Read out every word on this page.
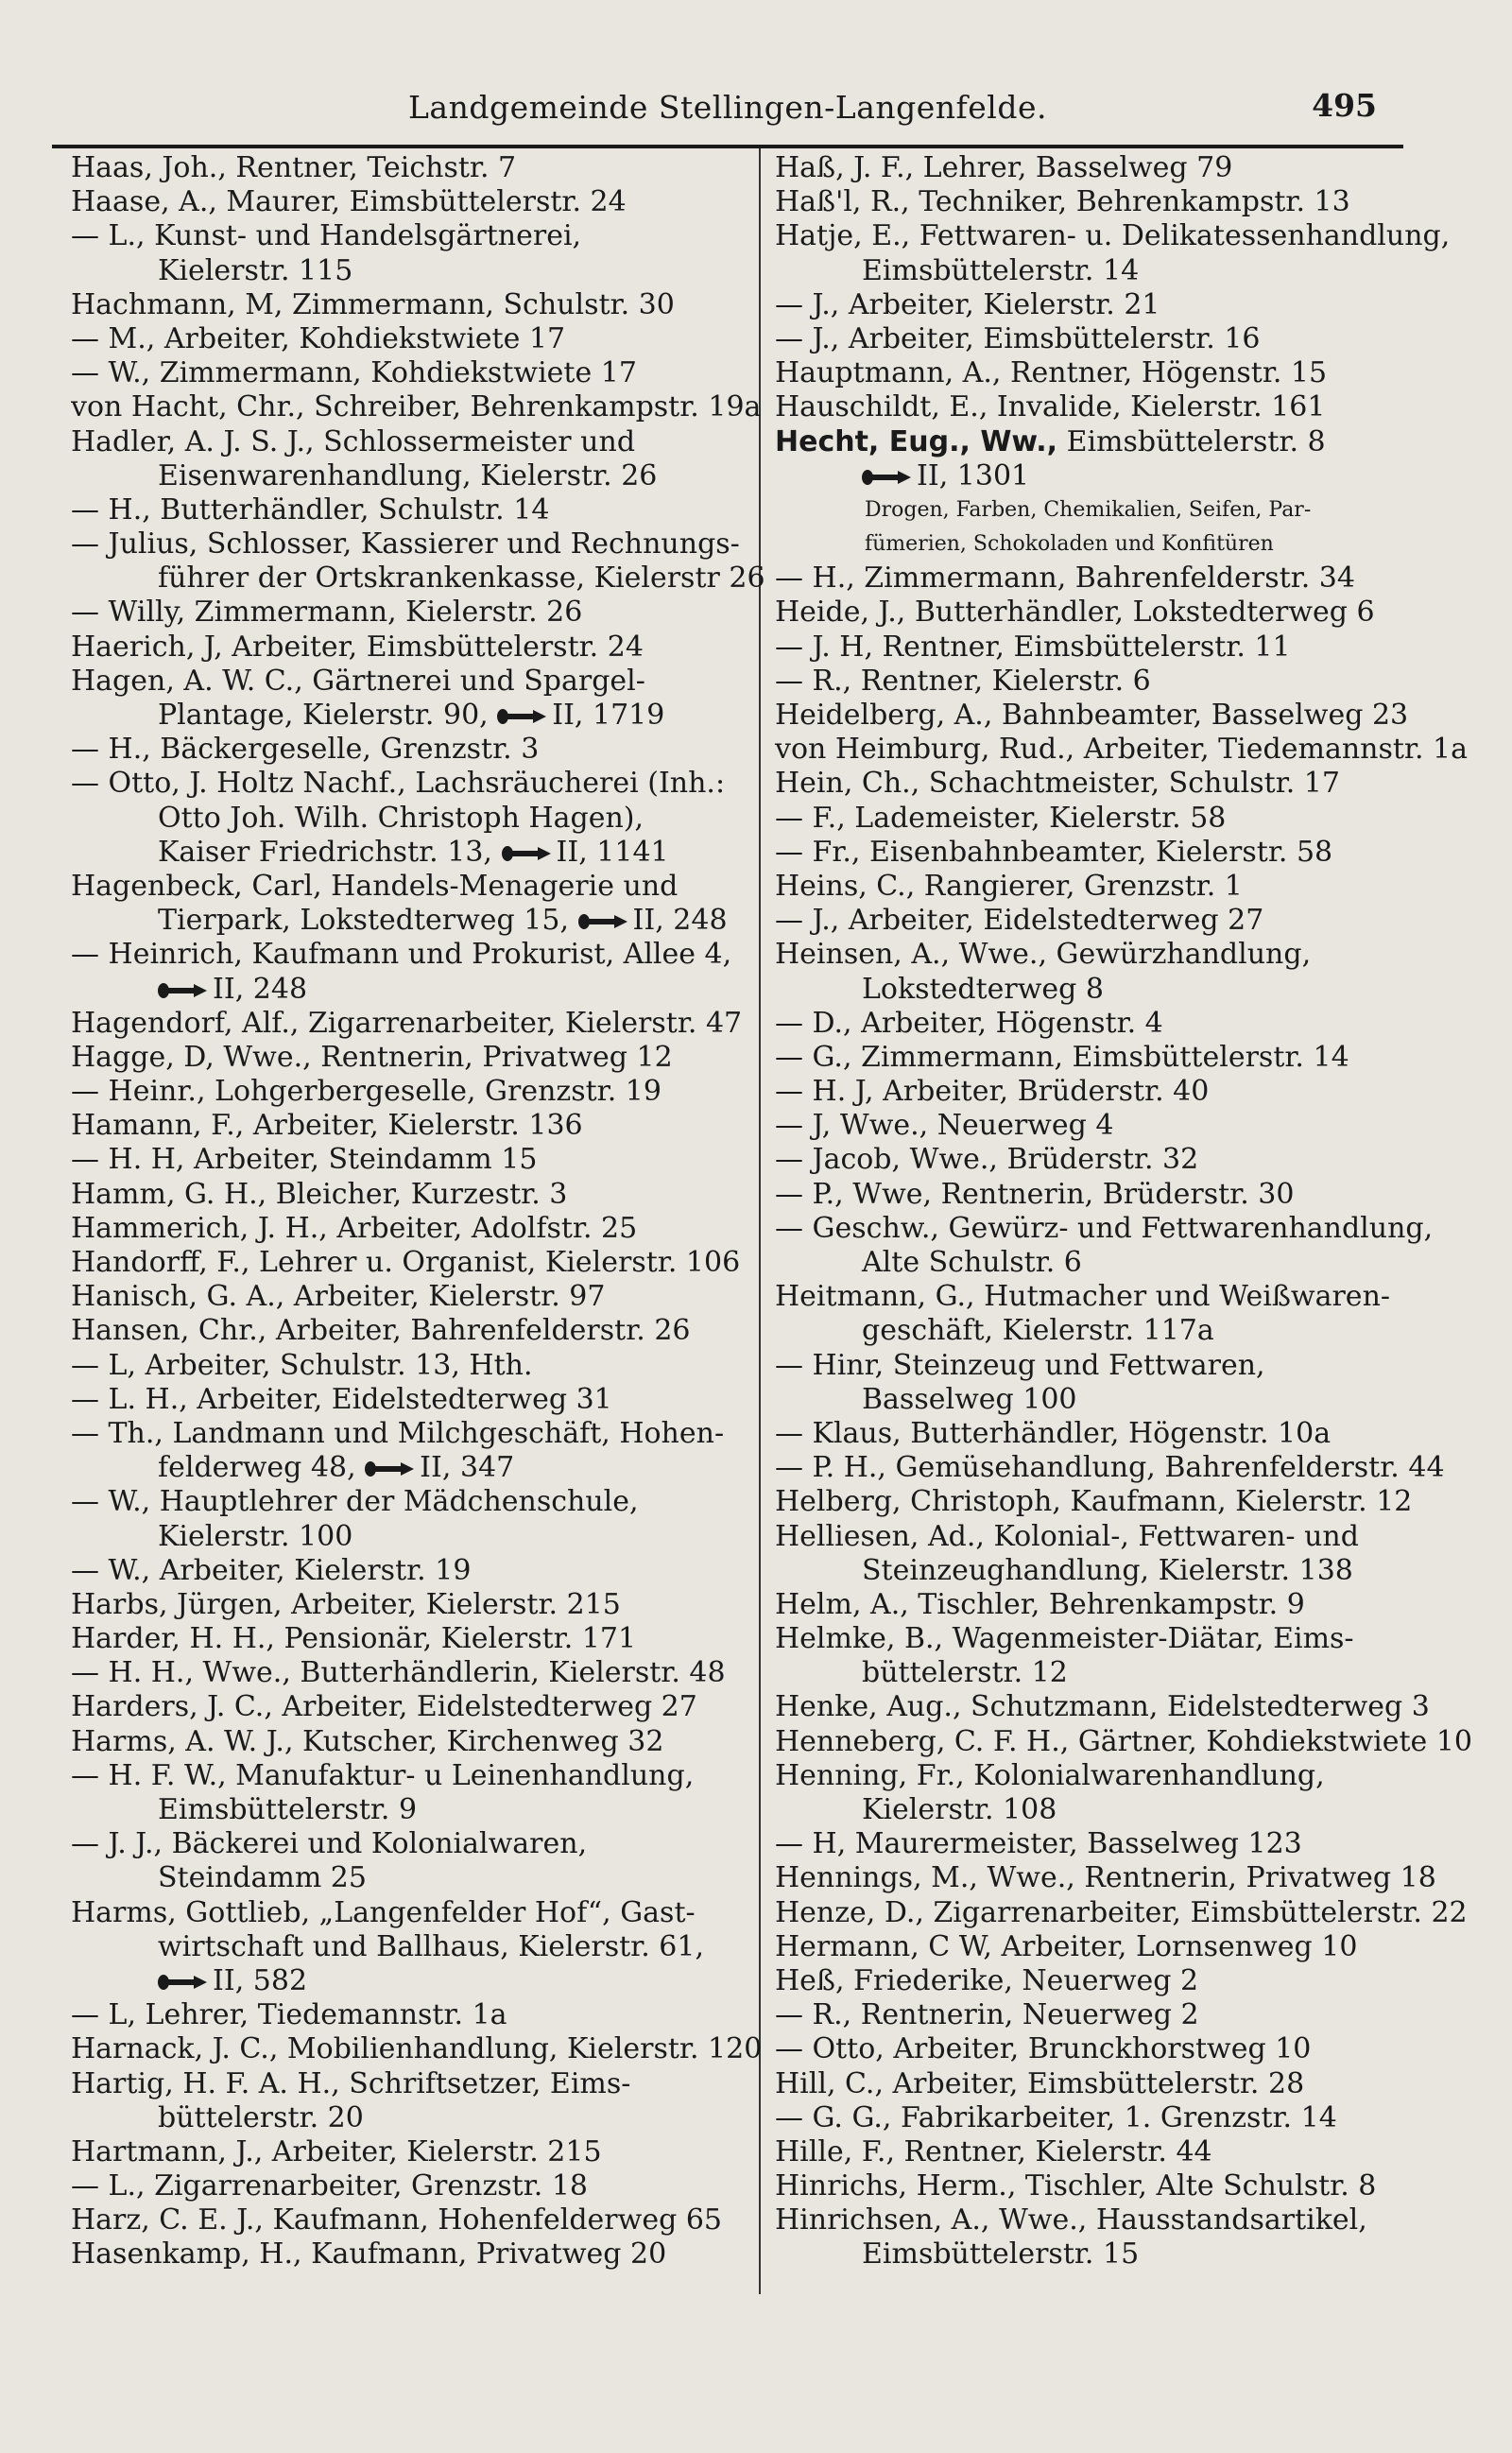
Landgemeinde Stellingen-Langenfelde.	495
Haas, Joh., Rentner, Teichstr. 7
Haase, A., Maurer, Eimsbüttelerstr. 24
— L., Kunst- und Handelsgärtnerei,
Kielerstr. 115
Hachmann, M, Zimmermann, Schulstr. 30
— M., Arbeiter, Kohdiekstwiete 17
— W., Zimmermann, Kohdiekstwiete 17
von Hacht, Chr., Schreiber, Behrenkampstr. 19a
Hadler, A. J. S. J., Schlossermeister und
Eisenwarenhandlung, Kielerstr. 26
— H., Butterhändler, Schulstr. 14
— Julius, Schlosser, Kassierer und Rechnungs-
führer der Ortskrankenkasse, Kielerstr 26
— Willy, Zimmermann, Kielerstr. 26
Haerich, J, Arbeiter, Eimsbüttelerstr. 24
Hagen, A. W. C., Gärtnerei und Spargel-
Plantage, Kielerstr. 90, II, 1719
— H., Bäckergeselle, Grenzstr. 3
— Otto, J. Holtz Nachf., Lachsräucherei (Inh.:
Otto Joh. Wilh. Christoph Hagen),
Kaiser Friedrichstr. 13, II, 1141
Hagenbeck, Carl, Handels-Menagerie und
Tierpark, Lokstedterweg 15, II, 248
— Heinrich, Kaufmann und Prokurist, Allee 4,
II, 248
Hagendorf, Alf., Zigarrenarbeiter, Kielerstr. 47
Hagge, D, Wwe., Rentnerin, Privatweg 12
— Heinr., Lohgerbergeselle, Grenzstr. 19
Hamann, F., Arbeiter, Kielerstr. 136
— H. H, Arbeiter, Steindamm 15
Hamm, G. H., Bleicher, Kurzestr. 3
Hammerich, J. H., Arbeiter, Adolfstr. 25
Handorff, F., Lehrer u. Organist, Kielerstr. 106
Hanisch, G. A., Arbeiter, Kielerstr. 97
Hansen, Chr., Arbeiter, Bahrenfelderstr. 26
— L, Arbeiter, Schulstr. 13, Hth.
— L. H., Arbeiter, Eidelstedterweg 31
— Th., Landmann und Milchgeschäft, Hohen-
felderweg 48, II, 347
— W., Hauptlehrer der Mädchenschule,
Kielerstr. 100
— W., Arbeiter, Kielerstr. 19
Harbs, Jürgen, Arbeiter, Kielerstr. 215
Harder, H. H., Pensionär, Kielerstr. 171
— H. H., Wwe., Butterhändlerin, Kielerstr. 48
Harders, J. C., Arbeiter, Eidelstedterweg 27
Harms, A. W. J., Kutscher, Kirchenweg 32
— H. F. W., Manufaktur- u Leinenhandlung,
Eimsbüttelerstr. 9
— J. J., Bäckerei und Kolonialwaren,
Steindamm 25
Harms, Gottlieb, „Langenfelder Hof“, Gast-
wirtschaft und Ballhaus, Kielerstr. 61,
II, 582
— L, Lehrer, Tiedemannstr. 1a
Harnack, J. C., Mobilienhandlung, Kielerstr. 120
Hartig, H. F. A. H., Schriftsetzer, Eims-
büttelerstr. 20
Hartmann, J., Arbeiter, Kielerstr. 215
— L., Zigarrenarbeiter, Grenzstr. 18
Harz, C. E. J., Kaufmann, Hohenfelderweg 65
Hasenkamp, H., Kaufmann, Privatweg 20
Haß, J. F., Lehrer, Basselweg 79
Haß'l, R., Techniker, Behrenkampstr. 13
Hatje, E., Fettwaren- u. Delikatessenhandlung,
Eimsbüttelerstr. 14
— J., Arbeiter, Kielerstr. 21
— J., Arbeiter, Eimsbüttelerstr. 16
Hauptmann, A., Rentner, Högenstr. 15
Hauschildt, E., Invalide, Kielerstr. 161
Hecht, Eug., Ww., Eimsbüttelerstr. 8
II, 1301
Drogen, Farben, Chemikalien, Seifen, Par-
fümerien, Schokoladen und Konfitüren
— H., Zimmermann, Bahrenfelderstr. 34
Heide, J., Butterhändler, Lokstedterweg 6
— J. H, Rentner, Eimsbüttelerstr. 11
— R., Rentner, Kielerstr. 6
Heidelberg, A., Bahnbeamter, Basselweg 23
von Heimburg, Rud., Arbeiter, Tiedemannstr. 1a
Hein, Ch., Schachtmeister, Schulstr. 17
— F., Lademeister, Kielerstr. 58
— Fr., Eisenbahnbeamter, Kielerstr. 58
Heins, C., Rangierer, Grenzstr. 1
— J., Arbeiter, Eidelstedterweg 27
Heinsen, A., Wwe., Gewürzhandlung,
Lokstedterweg 8
— D., Arbeiter, Högenstr. 4
— G., Zimmermann, Eimsbüttelerstr. 14
— H. J, Arbeiter, Brüderstr. 40
— J, Wwe., Neuerweg 4
— Jacob, Wwe., Brüderstr. 32
— P., Wwe, Rentnerin, Brüderstr. 30
— Geschw., Gewürz- und Fettwarenhandlung,
Alte Schulstr. 6
Heitmann, G., Hutmacher und Weißwaren-
geschäft, Kielerstr. 117a
— Hinr, Steinzeug und Fettwaren,
Basselweg 100
— Klaus, Butterhändler, Högenstr. 10a
— P. H., Gemüsehandlung, Bahrenfelderstr. 44
Helberg, Christoph, Kaufmann, Kielerstr. 12
Helliesen, Ad., Kolonial-, Fettwaren- und
Steinzeughandlung, Kielerstr. 138
Helm, A., Tischler, Behrenkampstr. 9
Helmke, B., Wagenmeister-Diätar, Eims-
büttelerstr. 12
Henke, Aug., Schutzmann, Eidelstedterweg 3
Henneberg, C. F. H., Gärtner, Kohdiekstwiete 10
Henning, Fr., Kolonialwarenhandlung,
Kielerstr. 108
— H, Maurermeister, Basselweg 123
Hennings, M., Wwe., Rentnerin, Privatweg 18
Henze, D., Zigarrenarbeiter, Eimsbüttelerstr. 22
Hermann, C W, Arbeiter, Lornsenweg 10
Heß, Friederike, Neuerweg 2
— R., Rentnerin, Neuerweg 2
— Otto, Arbeiter, Brunckhorstweg 10
Hill, C., Arbeiter, Eimsbüttelerstr. 28
— G. G., Fabrikarbeiter, 1. Grenzstr. 14
Hille, F., Rentner, Kielerstr. 44
Hinrichs, Herm., Tischler, Alte Schulstr. 8
Hinrichsen, A., Wwe., Hausstandsartikel,
Eimsbüttelerstr. 15
